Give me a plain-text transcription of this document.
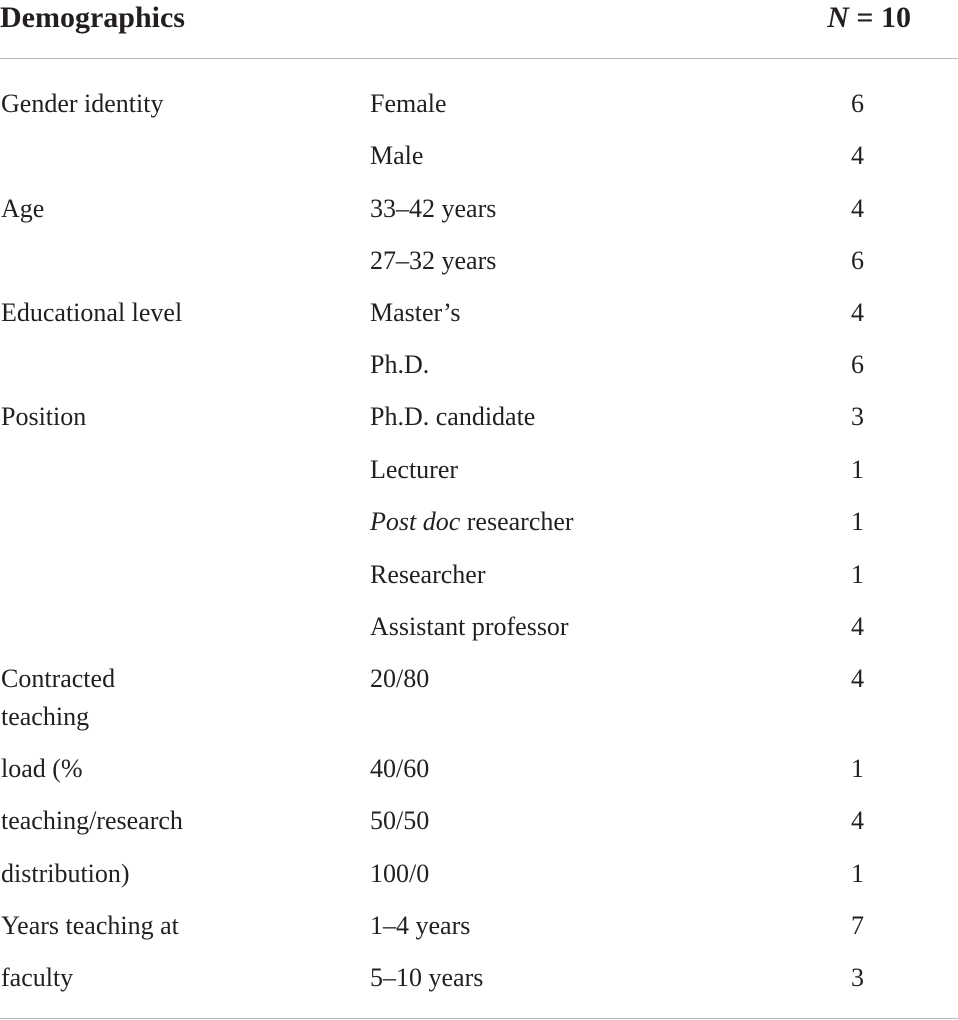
Demographics	N = 10
Gender identity	Female	6
Male	4
Age	33–42 years	4
27–32 years	6
Educational level	Master’s	4
Ph.D.	6
Position	Ph.D. candidate	3
Lecturer	1
Post doc researcher	1
Researcher	1
Assistant professor	4
Contracted
teaching
20/80	4
load (%	40/60	1
teaching/research	50/50	4
distribution)	100/0	1
Years teaching at	1–4 years	7
faculty	5–10 years	3
